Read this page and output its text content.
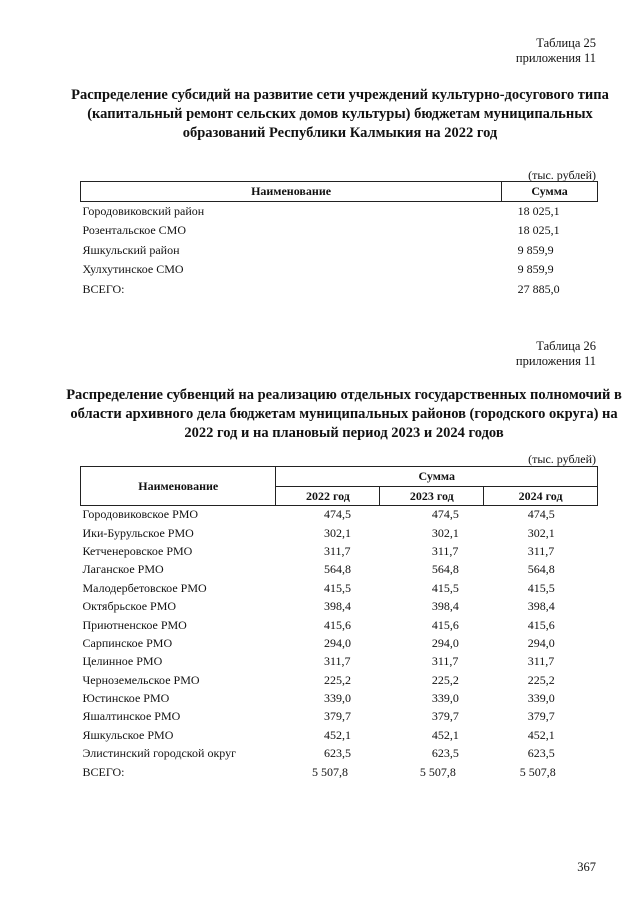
Таблица 25
приложения 11
Распределение субсидий на развитие сети учреждений культурно-досугового типа (капитальный ремонт сельских домов культуры) бюджетам муниципальных образований Республики Калмыкия на 2022 год
(тыс. рублей)
Наименование	Сумма
Городовиковский район	18 025,1
Розентальское СМО	18 025,1
Яшкульский район	9 859,9
Хулхутинское СМО	9 859,9
ВСЕГО:	27 885,0
Таблица 26
приложения 11
Распределение субвенций на реализацию отдельных государственных полномочий в области архивного дела бюджетам муниципальных районов (городского округа) на 2022 год и на плановый период 2023 и 2024 годов
(тыс. рублей)
Наименование	Сумма		
	2022 год	2023 год	2024 год
Городовиковское РМО	474,5	474,5	474,5
Ики-Бурульское РМО	302,1	302,1	302,1
Кетченеровское РМО	311,7	311,7	311,7
Лаганское РМО	564,8	564,8	564,8
Малодербетовское РМО	415,5	415,5	415,5
Октябрьское РМО	398,4	398,4	398,4
Приютненское РМО	415,6	415,6	415,6
Сарпинское РМО	294,0	294,0	294,0
Целинное РМО	311,7	311,7	311,7
Черноземельское РМО	225,2	225,2	225,2
Юстинское РМО	339,0	339,0	339,0
Яшалтинское РМО	379,7	379,7	379,7
Яшкульское РМО	452,1	452,1	452,1
Элистинский городской округ	623,5	623,5	623,5
ВСЕГО:	5 507,8	5 507,8	5 507,8
367
